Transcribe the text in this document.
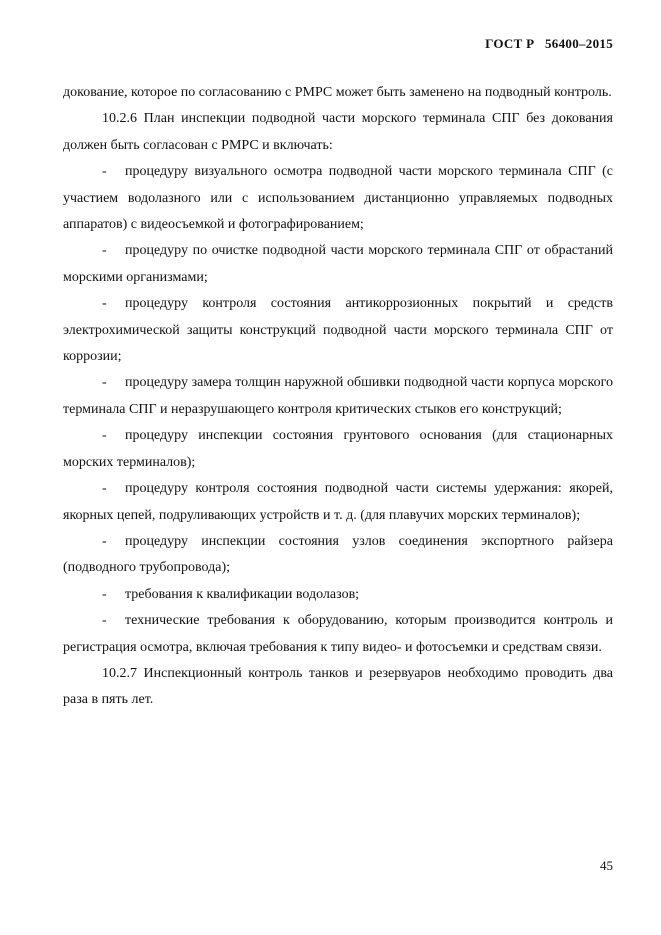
ГОСТ Р   56400–2015

докование, которое по согласованию с РМРС может быть заменено на подводный контроль.

10.2.6 План инспекции подводной части морского терминала СПГ без докования должен быть согласован с РМРС и включать:

- процедуру визуального осмотра подводной части морского терминала СПГ (с участием водолазного или с использованием дистанционно управляемых подводных аппаратов) с видеосъемкой и фотографированием;

- процедуру по очистке подводной части морского терминала СПГ от обрастаний морскими организмами;

- процедуру контроля состояния антикоррозионных покрытий и средств электрохимической защиты конструкций подводной части морского терминала СПГ от коррозии;

- процедуру замера толщин наружной обшивки подводной части корпуса морского терминала СПГ и неразрушающего контроля критических стыков его конструкций;

- процедуру инспекции состояния грунтового основания (для стационарных морских терминалов);

- процедуру контроля состояния подводной части системы удержания: якорей, якорных цепей, подруливающих устройств и т. д. (для плавучих морских терминалов);

- процедуру инспекции состояния узлов соединения экспортного райзера (подводного трубопровода);

- требования к квалификации водолазов;

- технические требования к оборудованию, которым производится контроль и регистрация осмотра, включая требования к типу видео- и фотосъемки и средствам связи.

10.2.7 Инспекционный контроль танков и резервуаров необходимо проводить два раза в пять лет.

45
